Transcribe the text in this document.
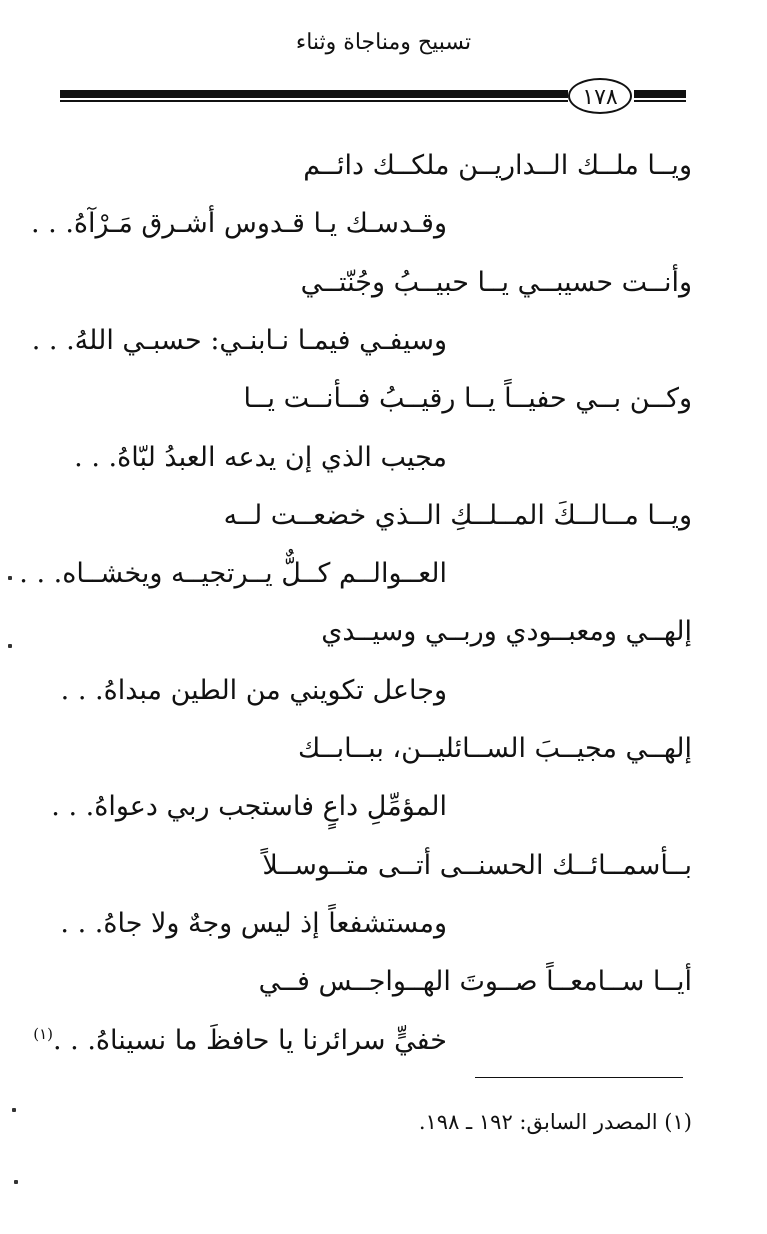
تسبيح ومناجاة وثناء
١٧٨
ويــا ملــك الــداريــن ملكــك دائــم
وقـدسـك يـا قـدوس أشـرق مَـرْآهُ. . .
وأنــت حسيبــي يــا حبيــبُ وجُنّتــي
وسيفـي فيمـا نـابنـي: حسبـي اللهُ. . .
وكــن بــي حفيــاً يــا رقيــبُ فــأنــت يــا
مجيب الذي إن يدعه العبدُ لبّاهُ. . .
ويــا مــالــكَ المــلــكِ الــذي خضعــت لــه
العــوالــم كــلٌّ يــرتجيــه ويخشــاه. . .
إلهــي ومعبــودي وربــي وسيــدي
وجاعل تكويني من الطين مبداهُ. . .
إلهــي مجيــبَ الســائليــن، ببــابــك
المؤمِّلِ داعٍ فاستجب ربي دعواهُ. . .
بــأسمــائــك الحسنــى أتــى متــوســلاً
ومستشفعاً إذ ليس وجهٌ ولا جاهُ. . .
أيــا ســامعــاً صــوتَ الهــواجــس فــي
خفيٍّ سرائرنا يا حافظَ ما نسيناهُ. . .$^{(١)}$
(١) المصدر السابق: ١٩٢ ـ ١٩٨.
